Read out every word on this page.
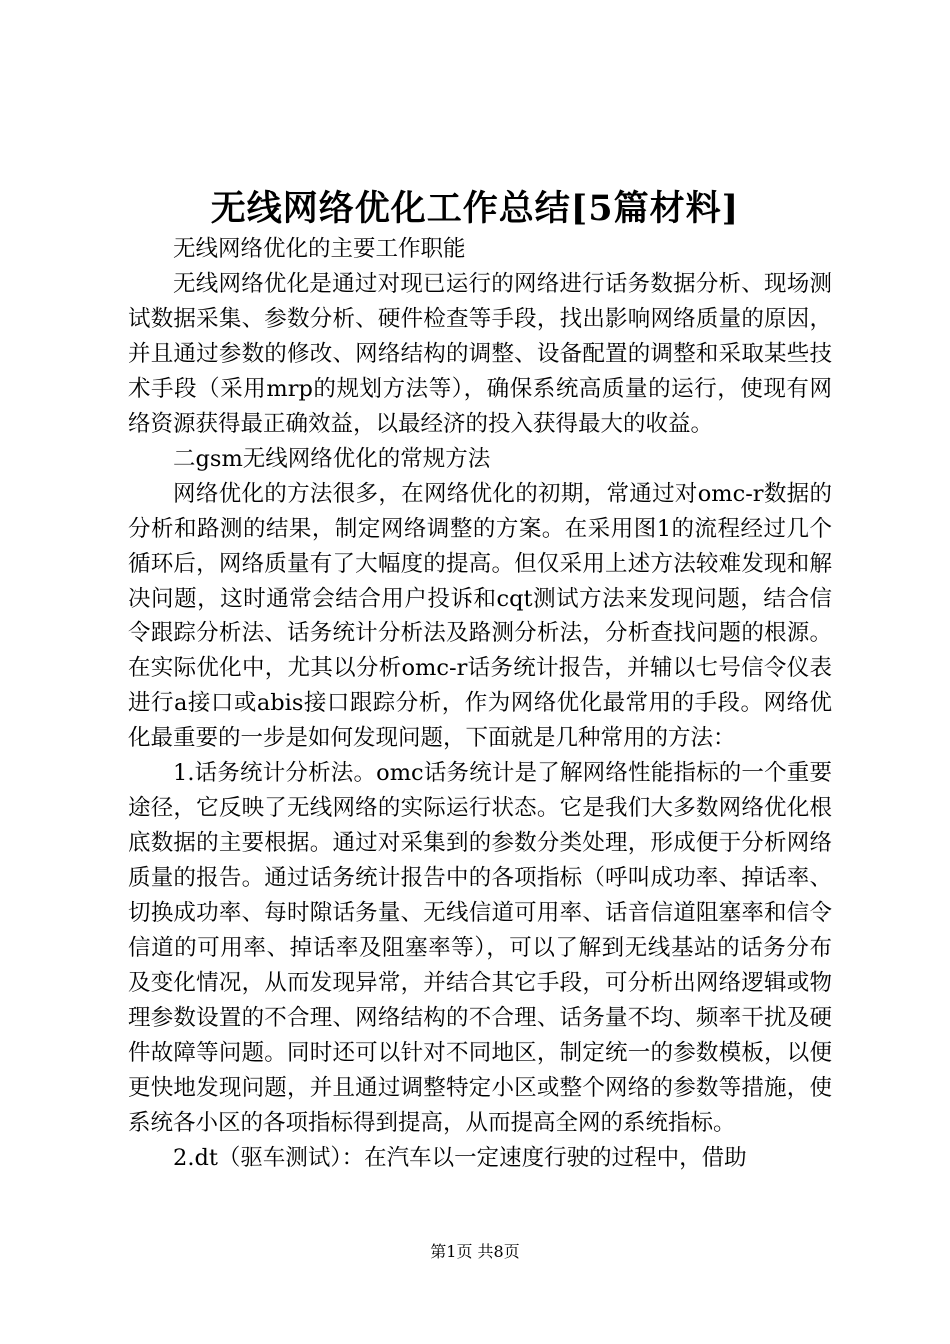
无线网络优化工作总结[5篇材料]

无线网络优化的主要工作职能

无线网络优化是通过对现已运行的网络进行话务数据分析、现场测试数据采集、参数分析、硬件检查等手段，找出影响网络质量的原因，并且通过参数的修改、网络结构的调整、设备配置的调整和采取某些技术手段（采用mrp的规划方法等），确保系统高质量的运行，使现有网络资源获得最正确效益，以最经济的投入获得最大的收益。

二gsm无线网络优化的常规方法

网络优化的方法很多，在网络优化的初期，常通过对omc-r数据的分析和路测的结果，制定网络调整的方案。在采用图1的流程经过几个循环后，网络质量有了大幅度的提高。但仅采用上述方法较难发现和解决问题，这时通常会结合用户投诉和cqt测试方法来发现问题，结合信令跟踪分析法、话务统计分析法及路测分析法，分析查找问题的根源。在实际优化中，尤其以分析omc-r话务统计报告，并辅以七号信令仪表进行a接口或abis接口跟踪分析，作为网络优化最常用的手段。网络优化最重要的一步是如何发现问题，下面就是几种常用的方法：

1.话务统计分析法。omc话务统计是了解网络性能指标的一个重要途径，它反映了无线网络的实际运行状态。它是我们大多数网络优化根底数据的主要根据。通过对采集到的参数分类处理，形成便于分析网络质量的报告。通过话务统计报告中的各项指标（呼叫成功率、掉话率、切换成功率、每时隙话务量、无线信道可用率、话音信道阻塞率和信令信道的可用率、掉话率及阻塞率等），可以了解到无线基站的话务分布及变化情况，从而发现异常，并结合其它手段，可分析出网络逻辑或物理参数设置的不合理、网络结构的不合理、话务量不均、频率干扰及硬件故障等问题。同时还可以针对不同地区，制定统一的参数模板，以便更快地发现问题，并且通过调整特定小区或整个网络的参数等措施，使系统各小区的各项指标得到提高，从而提高全网的系统指标。

2.dt（驱车测试）：在汽车以一定速度行驶的过程中，借助

第1页 共8页
